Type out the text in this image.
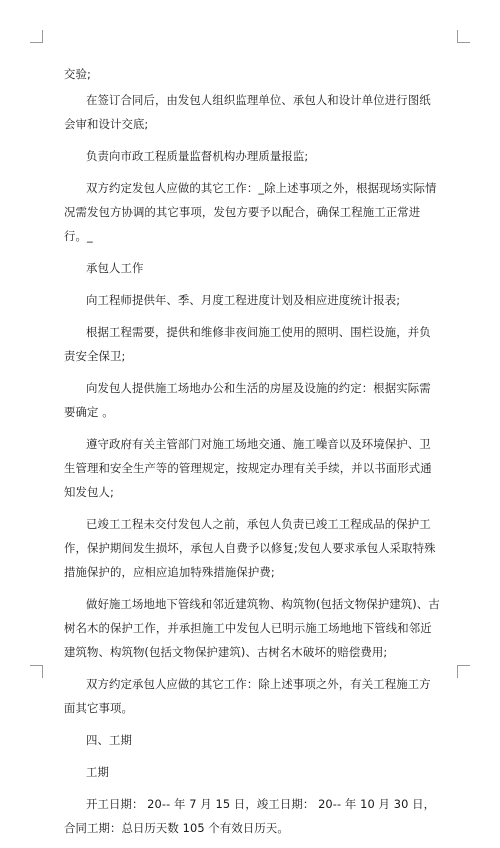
交验;

在签订合同后，由发包人组织监理单位、承包人和设计单位进行图纸会审和设计交底;

负责向市政工程质量监督机构办理质量报监;

双方约定发包人应做的其它工作：_除上述事项之外，根据现场实际情况需发包方协调的其它事项，发包方要予以配合，确保工程施工正常进行。_

承包人工作

向工程师提供年、季、月度工程进度计划及相应进度统计报表;

根据工程需要，提供和维修非夜间施工使用的照明、围栏设施，并负责安全保卫;

向发包人提供施工场地办公和生活的房屋及设施的约定：根据实际需要确定 。

遵守政府有关主管部门对施工场地交通、施工噪音以及环境保护、卫生管理和安全生产等的管理规定，按规定办理有关手续，并以书面形式通知发包人;

已竣工工程未交付发包人之前，承包人负责已竣工工程成品的保护工作，保护期间发生损坏，承包人自费予以修复;发包人要求承包人采取特殊措施保护的，应相应追加特殊措施保护费;

做好施工场地地下管线和邻近建筑物、构筑物(包括文物保护建筑)、古树名木的保护工作，并承担施工中发包人已明示施工场地地下管线和邻近建筑物、构筑物(包括文物保护建筑)、古树名木破坏的赔偿费用;

双方约定承包人应做的其它工作：除上述事项之外，有关工程施工方面其它事项。

四、工期

工期

开工日期： 20-- 年 7 月 15 日，竣工日期： 20-- 年 10 月 30 日，合同工期：总日历天数 105 个有效日历天。
